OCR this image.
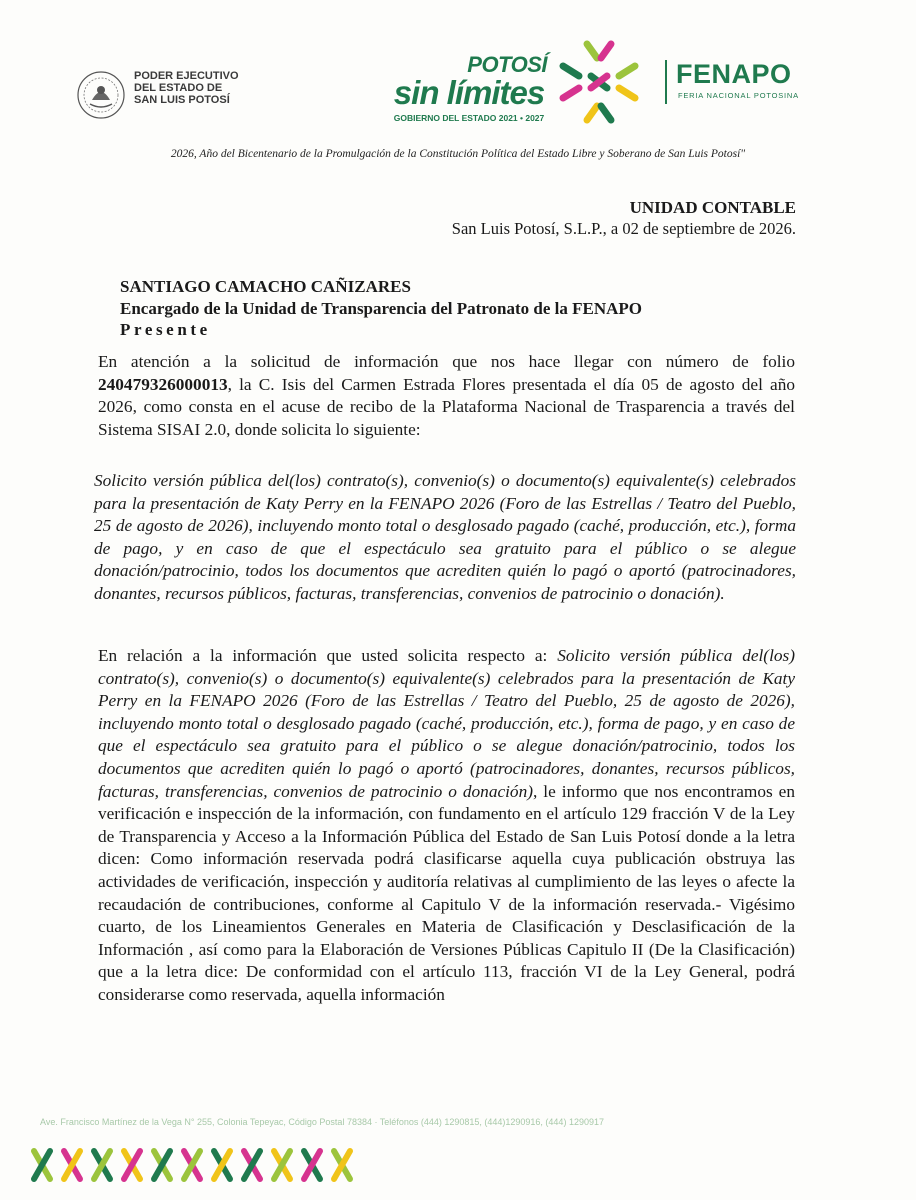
PODER EJECUTIVO
DEL ESTADO DE
SAN LUIS POTOSÍ
POTOSÍ
sin límites
GOBIERNO DEL ESTADO 2021 • 2027
FENAPO
FERIA NACIONAL POTOSINA
2026, Año del Bicentenario de la Promulgación de la Constitución Política del Estado Libre y Soberano de San Luis Potosí"
UNIDAD CONTABLE
San Luis Potosí, S.L.P., a 02 de septiembre de 2026.
SANTIAGO CAMACHO CAÑIZARES
Encargado de la Unidad de Transparencia del Patronato de la FENAPO
Presente
En atención a la solicitud de información que nos hace llegar con número de folio 240479326000013, la C. Isis del Carmen Estrada Flores presentada el día 05 de agosto del año 2026, como consta en el acuse de recibo de la Plataforma Nacional de Trasparencia a través del Sistema SISAI 2.0, donde solicita lo siguiente:
Solicito versión pública del(los) contrato(s), convenio(s) o documento(s) equivalente(s) celebrados para la presentación de Katy Perry en la FENAPO 2026 (Foro de las Estrellas / Teatro del Pueblo, 25 de agosto de 2026), incluyendo monto total o desglosado pagado (caché, producción, etc.), forma de pago, y en caso de que el espectáculo sea gratuito para el público o se alegue donación/patrocinio, todos los documentos que acrediten quién lo pagó o aportó (patrocinadores, donantes, recursos públicos, facturas, transferencias, convenios de patrocinio o donación).
En relación a la información que usted solicita respecto a: Solicito versión pública del(los) contrato(s), convenio(s) o documento(s) equivalente(s) celebrados para la presentación de Katy Perry en la FENAPO 2026 (Foro de las Estrellas / Teatro del Pueblo, 25 de agosto de 2026), incluyendo monto total o desglosado pagado (caché, producción, etc.), forma de pago, y en caso de que el espectáculo sea gratuito para el público o se alegue donación/patrocinio, todos los documentos que acrediten quién lo pagó o aportó (patrocinadores, donantes, recursos públicos, facturas, transferencias, convenios de patrocinio o donación), le informo que nos encontramos en verificación e inspección de la información, con fundamento en el artículo 129 fracción V de la Ley de Transparencia y Acceso a la Información Pública del Estado de San Luis Potosí donde a la letra dicen: Como información reservada podrá clasificarse aquella cuya publicación obstruya las actividades de verificación, inspección y auditoría relativas al cumplimiento de las leyes o afecte la recaudación de contribuciones, conforme al Capitulo V de la información reservada.- Vigésimo cuarto, de los Lineamientos Generales en Materia de Clasificación y Desclasificación de la Información , así como para la Elaboración de Versiones Públicas Capitulo II (De la Clasificación) que a la letra dice: De conformidad con el artículo 113, fracción VI de la Ley General, podrá considerarse como reservada, aquella información
Ave. Francisco Martínez de la Vega N° 255, Colonia Tepeyac, Código Postal 78384 · Teléfonos (444) 1290815, (444)1290916, (444) 1290917
